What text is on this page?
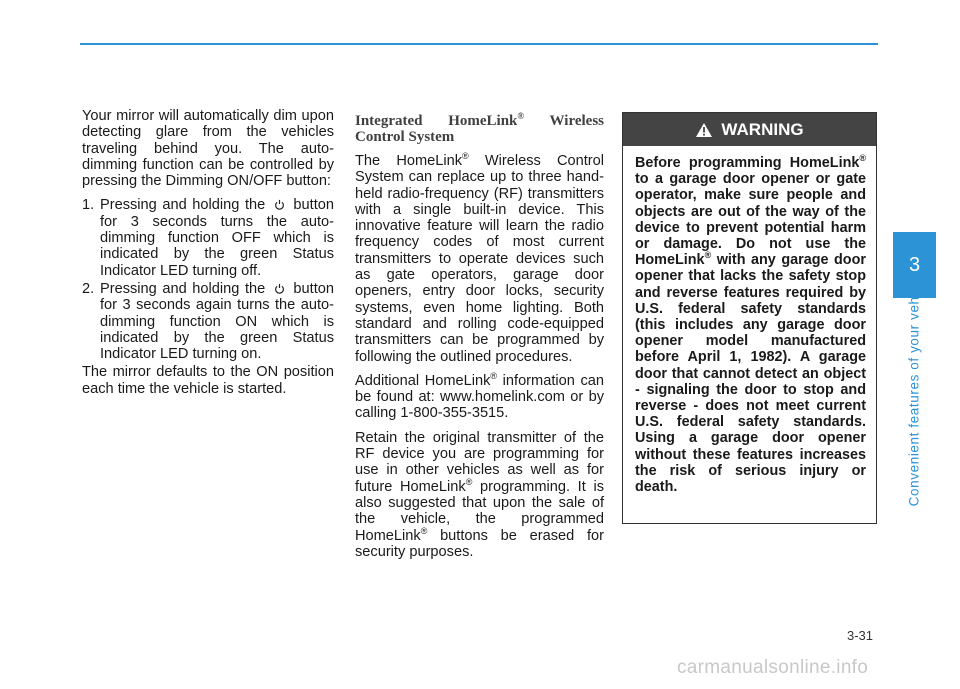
Your mirror will automatically dim upon detecting glare from the vehicles traveling behind you. The auto-dimming function can be controlled by pressing the Dimming ON/OFF button:

1. Pressing and holding the button for 3 seconds turns the auto-dimming function OFF which is indicated by the green Status Indicator LED turning off.
2. Pressing and holding the button for 3 seconds again turns the auto-dimming function ON which is indicated by the green Status Indicator LED turning on.

The mirror defaults to the ON position each time the vehicle is started.

Integrated HomeLink® Wireless Control System

The HomeLink® Wireless Control System can replace up to three hand-held radio-frequency (RF) transmitters with a single built-in device. This innovative feature will learn the radio frequency codes of most current transmitters to operate devices such as gate operators, garage door openers, entry door locks, security systems, even home lighting. Both standard and rolling code-equipped transmitters can be programmed by following the outlined procedures.

Additional HomeLink® information can be found at: www.homelink.com or by calling 1-800-355-3515.

Retain the original transmitter of the RF device you are programming for use in other vehicles as well as for future HomeLink® programming. It is also suggested that upon the sale of the vehicle, the programmed HomeLink® buttons be erased for security purposes.

WARNING
Before programming HomeLink® to a garage door opener or gate operator, make sure people and objects are out of the way of the device to prevent potential harm or damage. Do not use the HomeLink® with any garage door opener that lacks the safety stop and reverse features required by U.S. federal safety standards (this includes any garage door opener model manufactured before April 1, 1982). A garage door that cannot detect an object - signaling the door to stop and reverse - does not meet current U.S. federal safety standards. Using a garage door opener without these features increases the risk of serious injury or death.
3
Convenient features of your vehicle
3-31
carmanualsonline.info
